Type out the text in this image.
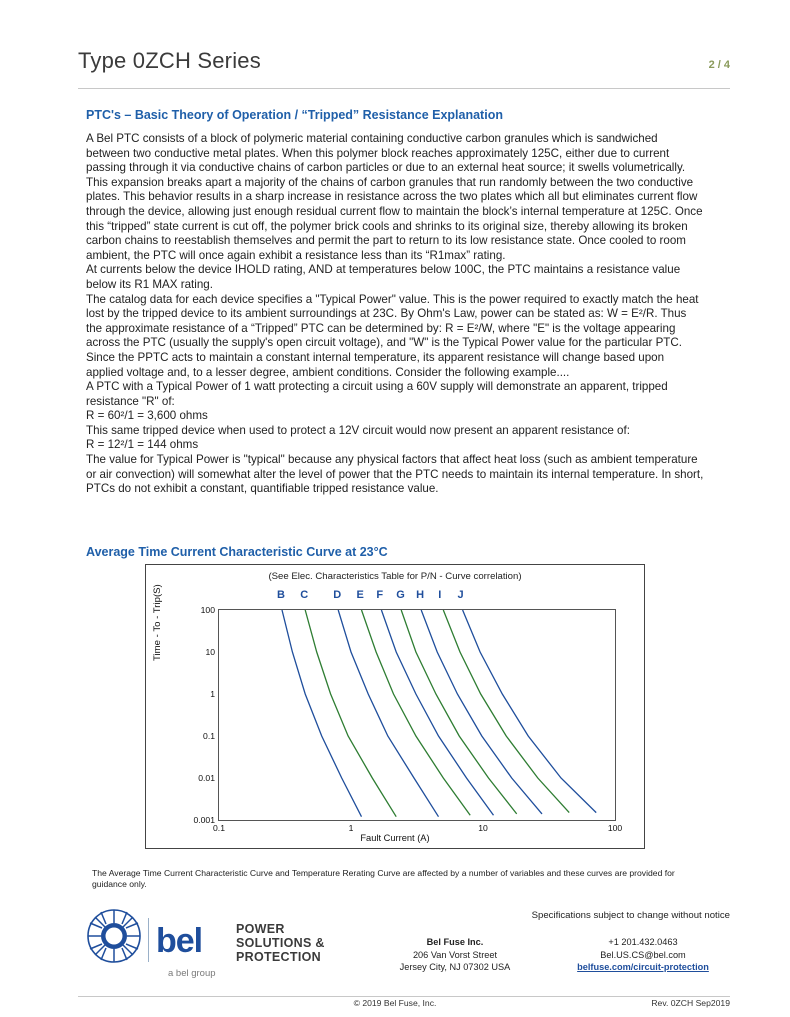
Type 0ZCH Series	2 / 4
PTC's – Basic Theory of Operation / “Tripped” Resistance Explanation

A Bel PTC consists of a block of polymeric material containing conductive carbon granules which is sandwiched between two conductive metal plates. When this polymer block reaches approximately 125C, either due to current passing through it via conductive chains of carbon particles or due to an external heat source; it swells volumetrically. This expansion breaks apart a majority of the chains of carbon granules that run randomly between the two conductive plates. This behavior results in a sharp increase in resistance across the two plates which all but eliminates current flow through the device, allowing just enough residual current flow to maintain the block’s internal temperature at 125C. Once this “tripped” state current is cut off, the polymer brick cools and shrinks to its original size, thereby allowing its broken carbon chains to reestablish themselves and permit the part to return to its low resistance state. Once cooled to room ambient, the PTC will once again exhibit a resistance less than its “R1max” rating.

At currents below the device IHOLD rating, AND at temperatures below 100C, the PTC maintains a resistance value below its R1 MAX rating.

The catalog data for each device specifies a "Typical Power" value. This is the power required to exactly match the heat lost by the tripped device to its ambient surroundings at 23C. By Ohm's Law, power can be stated as: W = E²/R. Thus the approximate resistance of a “Tripped” PTC can be determined by: R = E²/W, where "E" is the voltage appearing across the PTC (usually the supply's open circuit voltage), and "W" is the Typical Power value for the particular PTC.

Since the PPTC acts to maintain a constant internal temperature, its apparent resistance will change based upon applied voltage and, to a lesser degree, ambient conditions. Consider the following example....

A PTC with a Typical Power of 1 watt protecting a circuit using a 60V supply will demonstrate an apparent, tripped resistance "R" of:

R = 60²/1 = 3,600 ohms

This same tripped device when used to protect a 12V circuit would now present an apparent resistance of:

R = 12²/1 = 144 ohms

The value for Typical Power is "typical" because any physical factors that affect heat loss (such as ambient temperature or air convection) will somewhat alter the level of power that the PTC needs to maintain its internal temperature. In short, PTCs do not exhibit a constant, quantifiable tripped resistance value.

Average Time Current Characteristic Curve at 23°C
(See Elec. Characteristics Table for P/N - Curve correlation)
B C D E F G H I J
Time - To - Trip(S)	100
10
1
0.1
0.01
0.001
0.1	1	10	100
Fault Current (A)
The Average Time Current Characteristic Curve and Temperature Rerating Curve are affected by a number of variables and these curves are provided for guidance only.
bel	POWER
SOLUTIONS &
PROTECTION
a bel group
Specifications subject to change without notice
Bel Fuse Inc.
206 Van Vorst Street
Jersey City, NJ 07302 USA
+1 201.432.0463
Bel.US.CS@bel.com
belfuse.com/circuit-protection
© 2019 Bel Fuse, Inc.	Rev. 0ZCH Sep2019
